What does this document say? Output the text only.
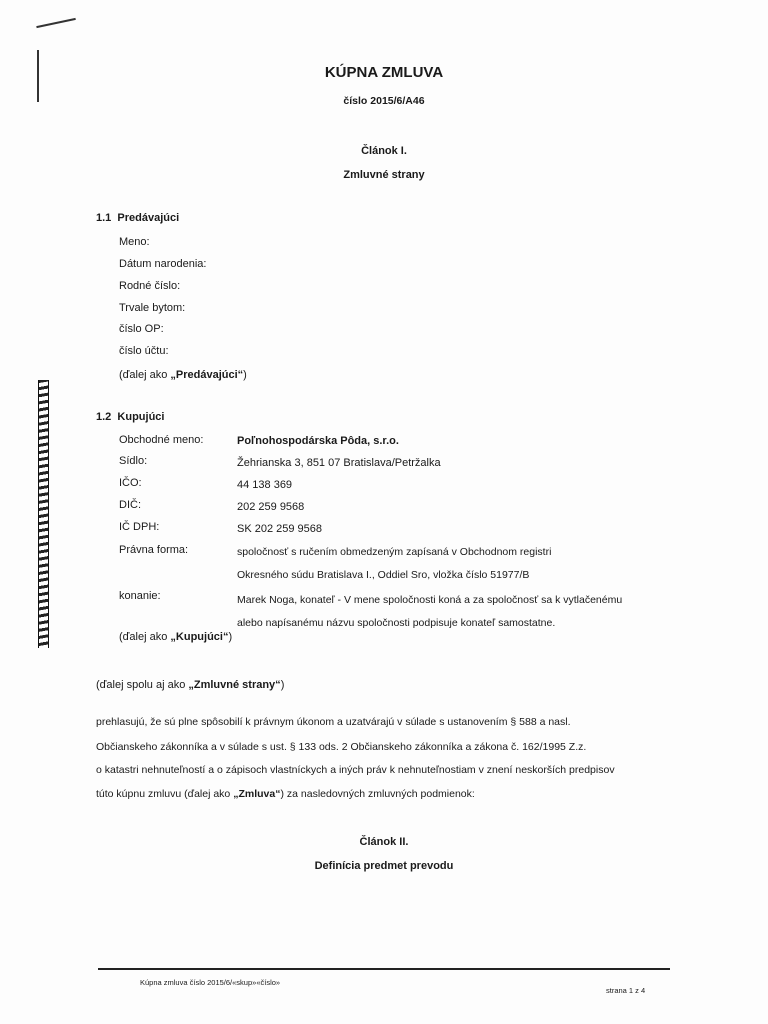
KÚPNA ZMLUVA
číslo 2015/6/A46
Článok I.
Zmluvné strany
1.1 Predávajúci
Meno:
Dátum narodenia:
Rodné číslo:
Trvale bytom:
číslo OP:
číslo účtu:
(ďalej ako „Predávajúci“)
1.2 Kupujúci
Obchodné meno:	Poľnohospodárska Pôda, s.r.o.
Sídlo:	Žehrianska 3, 851 07 Bratislava/Petržalka
IČO:	44 138 369
DIČ:	202 259 9568
IČ DPH:	SK 202 259 9568
Právna forma:	spoločnosť s ručením obmedzeným zapísaná v Obchodnom registri
Okresného súdu Bratislava I., Oddiel Sro, vložka číslo 51977/B
konanie:	Marek Noga, konateľ - V mene spoločnosti koná a za spoločnosť sa k vytlačenému
alebo napísanému názvu spoločnosti podpisuje konateľ samostatne.
(ďalej ako „Kupujúci“)
(ďalej spolu aj ako „Zmluvné strany“)
prehlasujú, že sú plne spôsobilí k právnym úkonom a uzatvárajú v súlade s ustanovením § 588 a nasl.
Občianskeho zákonníka a v súlade s ust. § 133 ods. 2 Občianskeho zákonníka a zákona č. 162/1995 Z.z.
o katastri nehnuteľností a o zápisoch vlastníckych a iných práv k nehnuteľnostiam v znení neskorších predpisov
túto kúpnu zmluvu (ďalej ako „Zmluva“) za nasledovných zmluvných podmienok:
Článok II.
Definícia predmet prevodu
Kúpna zmluva číslo 2015/6/«skup»«číslo»
strana 1 z 4
